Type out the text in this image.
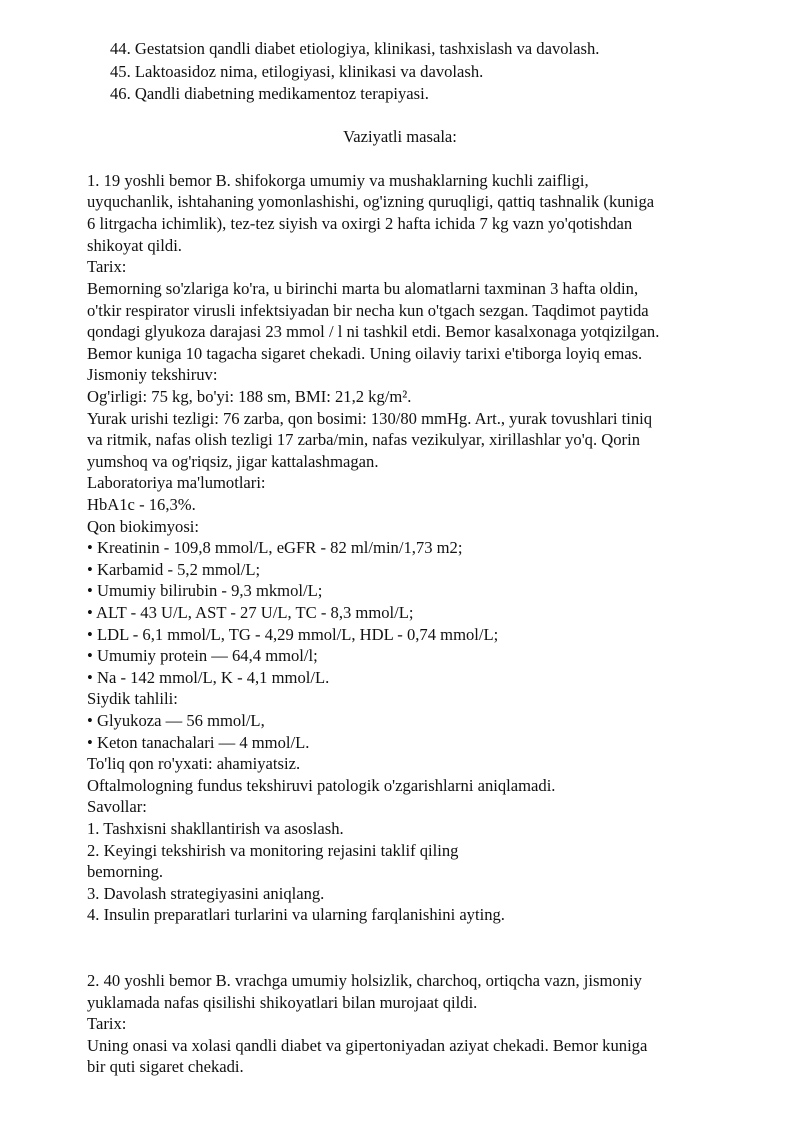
44. Gestatsion qandli diabet etiologiya, klinikasi, tashxislash va davolash.
45. Laktoasidoz nima, etilogiyasi, klinikasi va davolash.
46. Qandli diabetning medikamentoz terapiyasi.
Vaziyatli masala:
1. 19 yoshli bemor B. shifokorga umumiy va mushaklarning kuchli zaifligi,
uyquchanlik, ishtahaning yomonlashishi, og'izning quruqligi, qattiq tashnalik (kuniga
6 litrgacha ichimlik), tez-tez siyish va oxirgi 2 hafta ichida 7 kg vazn yo'qotishdan
shikoyat qildi.
Tarix:
Bemorning so'zlariga ko'ra, u birinchi marta bu alomatlarni taxminan 3 hafta oldin,
o'tkir respirator virusli infektsiyadan bir necha kun o'tgach sezgan. Taqdimot paytida
qondagi glyukoza darajasi 23 mmol / l ni tashkil etdi. Bemor kasalxonaga yotqizilgan.
Bemor kuniga 10 tagacha sigaret chekadi. Uning oilaviy tarixi e'tiborga loyiq emas.
Jismoniy tekshiruv:
Og'irligi: 75 kg, bo'yi: 188 sm, BMI: 21,2 kg/m².
Yurak urishi tezligi: 76 zarba, qon bosimi: 130/80 mmHg. Art., yurak tovushlari tiniq
va ritmik, nafas olish tezligi 17 zarba/min, nafas vezikulyar, xirillashlar yo'q. Qorin
yumshoq va og'riqsiz, jigar kattalashmagan.
Laboratoriya ma'lumotlari:
HbA1c - 16,3%.
Qon biokimyosi:
• Kreatinin - 109,8 mmol/L, eGFR - 82 ml/min/1,73 m2;
• Karbamid - 5,2 mmol/L;
• Umumiy bilirubin - 9,3 mkmol/L;
• ALT - 43 U/L, AST - 27 U/L, TC - 8,3 mmol/L;
• LDL - 6,1 mmol/L, TG - 4,29 mmol/L, HDL - 0,74 mmol/L;
• Umumiy protein — 64,4 mmol/l;
• Na - 142 mmol/L, K - 4,1 mmol/L.
Siydik tahlili:
• Glyukoza — 56 mmol/L,
• Keton tanachalari — 4 mmol/L.
To'liq qon ro'yxati: ahamiyatsiz.
Oftalmologning fundus tekshiruvi patologik o'zgarishlarni aniqlamadi.
Savollar:
1. Tashxisni shakllantirish va asoslash.
2. Keyingi tekshirish va monitoring rejasini taklif qiling
bemorning.
3. Davolash strategiyasini aniqlang.
4. Insulin preparatlari turlarini va ularning farqlanishini ayting.
2. 40 yoshli bemor B. vrachga umumiy holsizlik, charchoq, ortiqcha vazn, jismoniy
yuklamada nafas qisilishi shikoyatlari bilan murojaat qildi.
Tarix:
Uning onasi va xolasi qandli diabet va gipertoniyadan aziyat chekadi. Bemor kuniga
bir quti sigaret chekadi.
